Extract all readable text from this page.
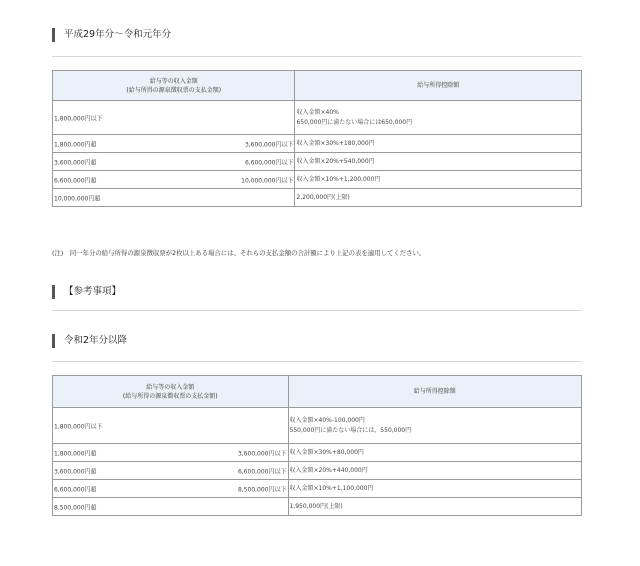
平成29年分～令和元年分
給与等の収入金額
(給与所得の源泉徴収票の支払金額)	給与所得控除額

1,800,000円以下	収入金額×40%
650,000円に満たない場合には650,000円

1,800,000円超 3,600,000円以下	収入金額×30%+180,000円

3,600,000円超 6,600,000円以下	収入金額×20%+540,000円

6,600,000円超 10,000,000円以下	収入金額×10%+1,200,000円

10,000,000円超	2,200,000円(上限)
(注)　同一年分の給与所得の源泉徴収票が2枚以上ある場合には、それらの支払金額の合計額により上記の表を適用してください。
【参考事項】
令和2年分以降
給与等の収入金額
(給与所得の源泉徴収票の支払金額)	給与所得控除額

1,800,000円以下	収入金額×40%-100,000円
550,000円に満たない場合には、550,000円

1,800,000円超 3,600,000円以下	収入金額×30%+80,000円

3,600,000円超 6,600,000円以下	収入金額×20%+440,000円

6,600,000円超 8,500,000円以下	収入金額×10%+1,100,000円

8,500,000円超	1,950,000円(上限)
